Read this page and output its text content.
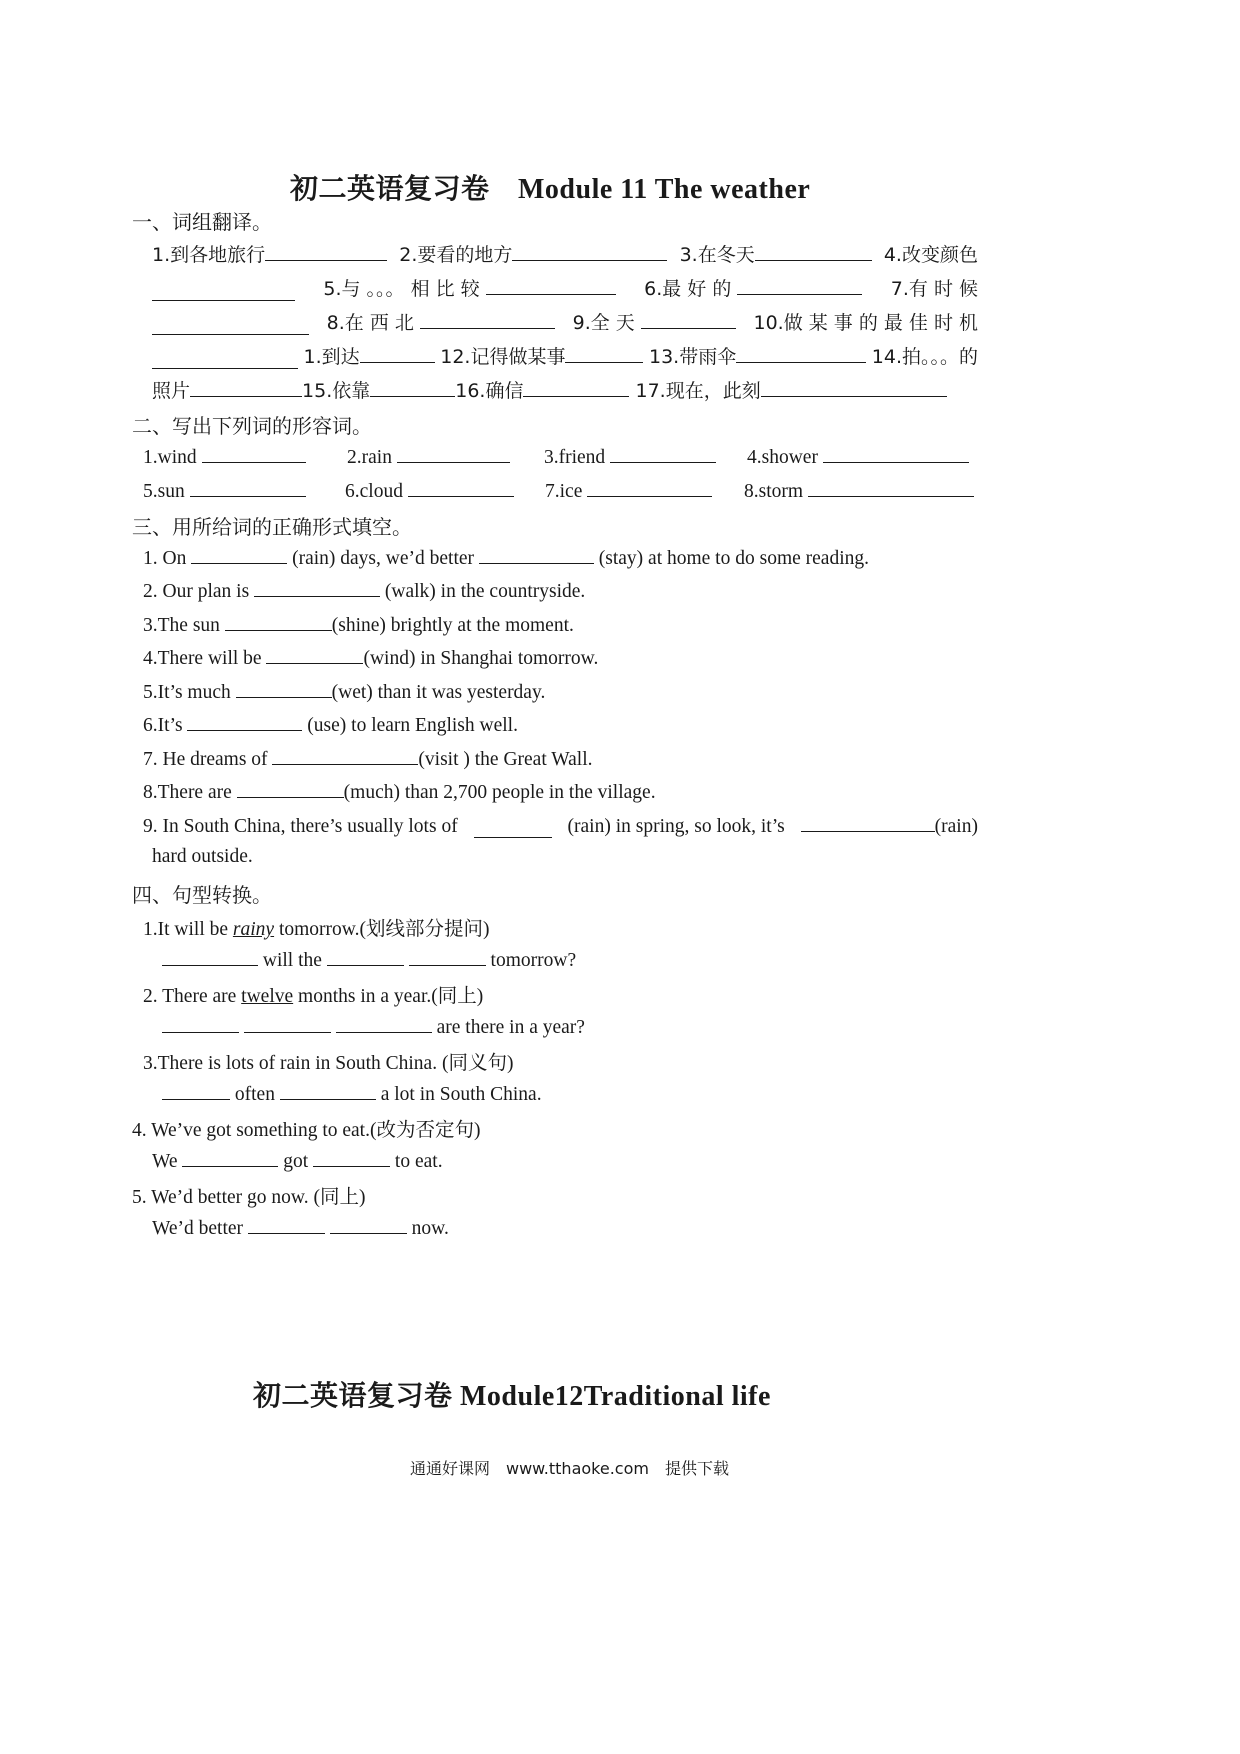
初二英语复习卷　Module 11 The weather
一、词组翻译。
1.到各地旅行	2.要看的地方	3.在冬天	4.改变颜色
5.与 。。。 相 比 较	6.最 好 的	7.有 时 候
8.在 西 北	9.全 天	10.做 某 事 的 最 佳 时 机
1.到达	12.记得做某事	13.带雨伞	14.拍。。。的
照片	15.依靠	16.确信	17.现在，此刻
二、写出下列词的形容词。
1.wind	2.rain	3.friend	4.shower
5.sun	6.cloud	7.ice	8.storm
三、用所给词的正确形式填空。
1. On	(rain) days, we’d better	(stay) at home to do some reading.
2. Our plan is	(walk) in the countryside.
3.The sun	(shine) brightly at the moment.
4.There will be	(wind) in Shanghai tomorrow.
5.It’s much	(wet) than it was yesterday.
6.It’s	(use) to learn English well.
7. He dreams of	(visit ) the Great Wall.
8.There are	(much) than 2,700 people in the village.
9. In South China, there’s usually lots of	(rain) in spring, so look, it’s	(rain)
hard outside.
四、句型转换。
1.It will be rainy tomorrow.(划线部分提问)
will the	tomorrow?
2. There are twelve months in a year.(同上)
are there in a year?
3.There is lots of rain in South China. (同义句)
often	a lot in South China.
4. We’ve got something to eat.(改为否定句)
We	got	to eat.
5. We’d better go now. (同上)
We’d better	now.
初二英语复习卷 Module12Traditional life
通通好课网　www.tthaoke.com　提供下载
